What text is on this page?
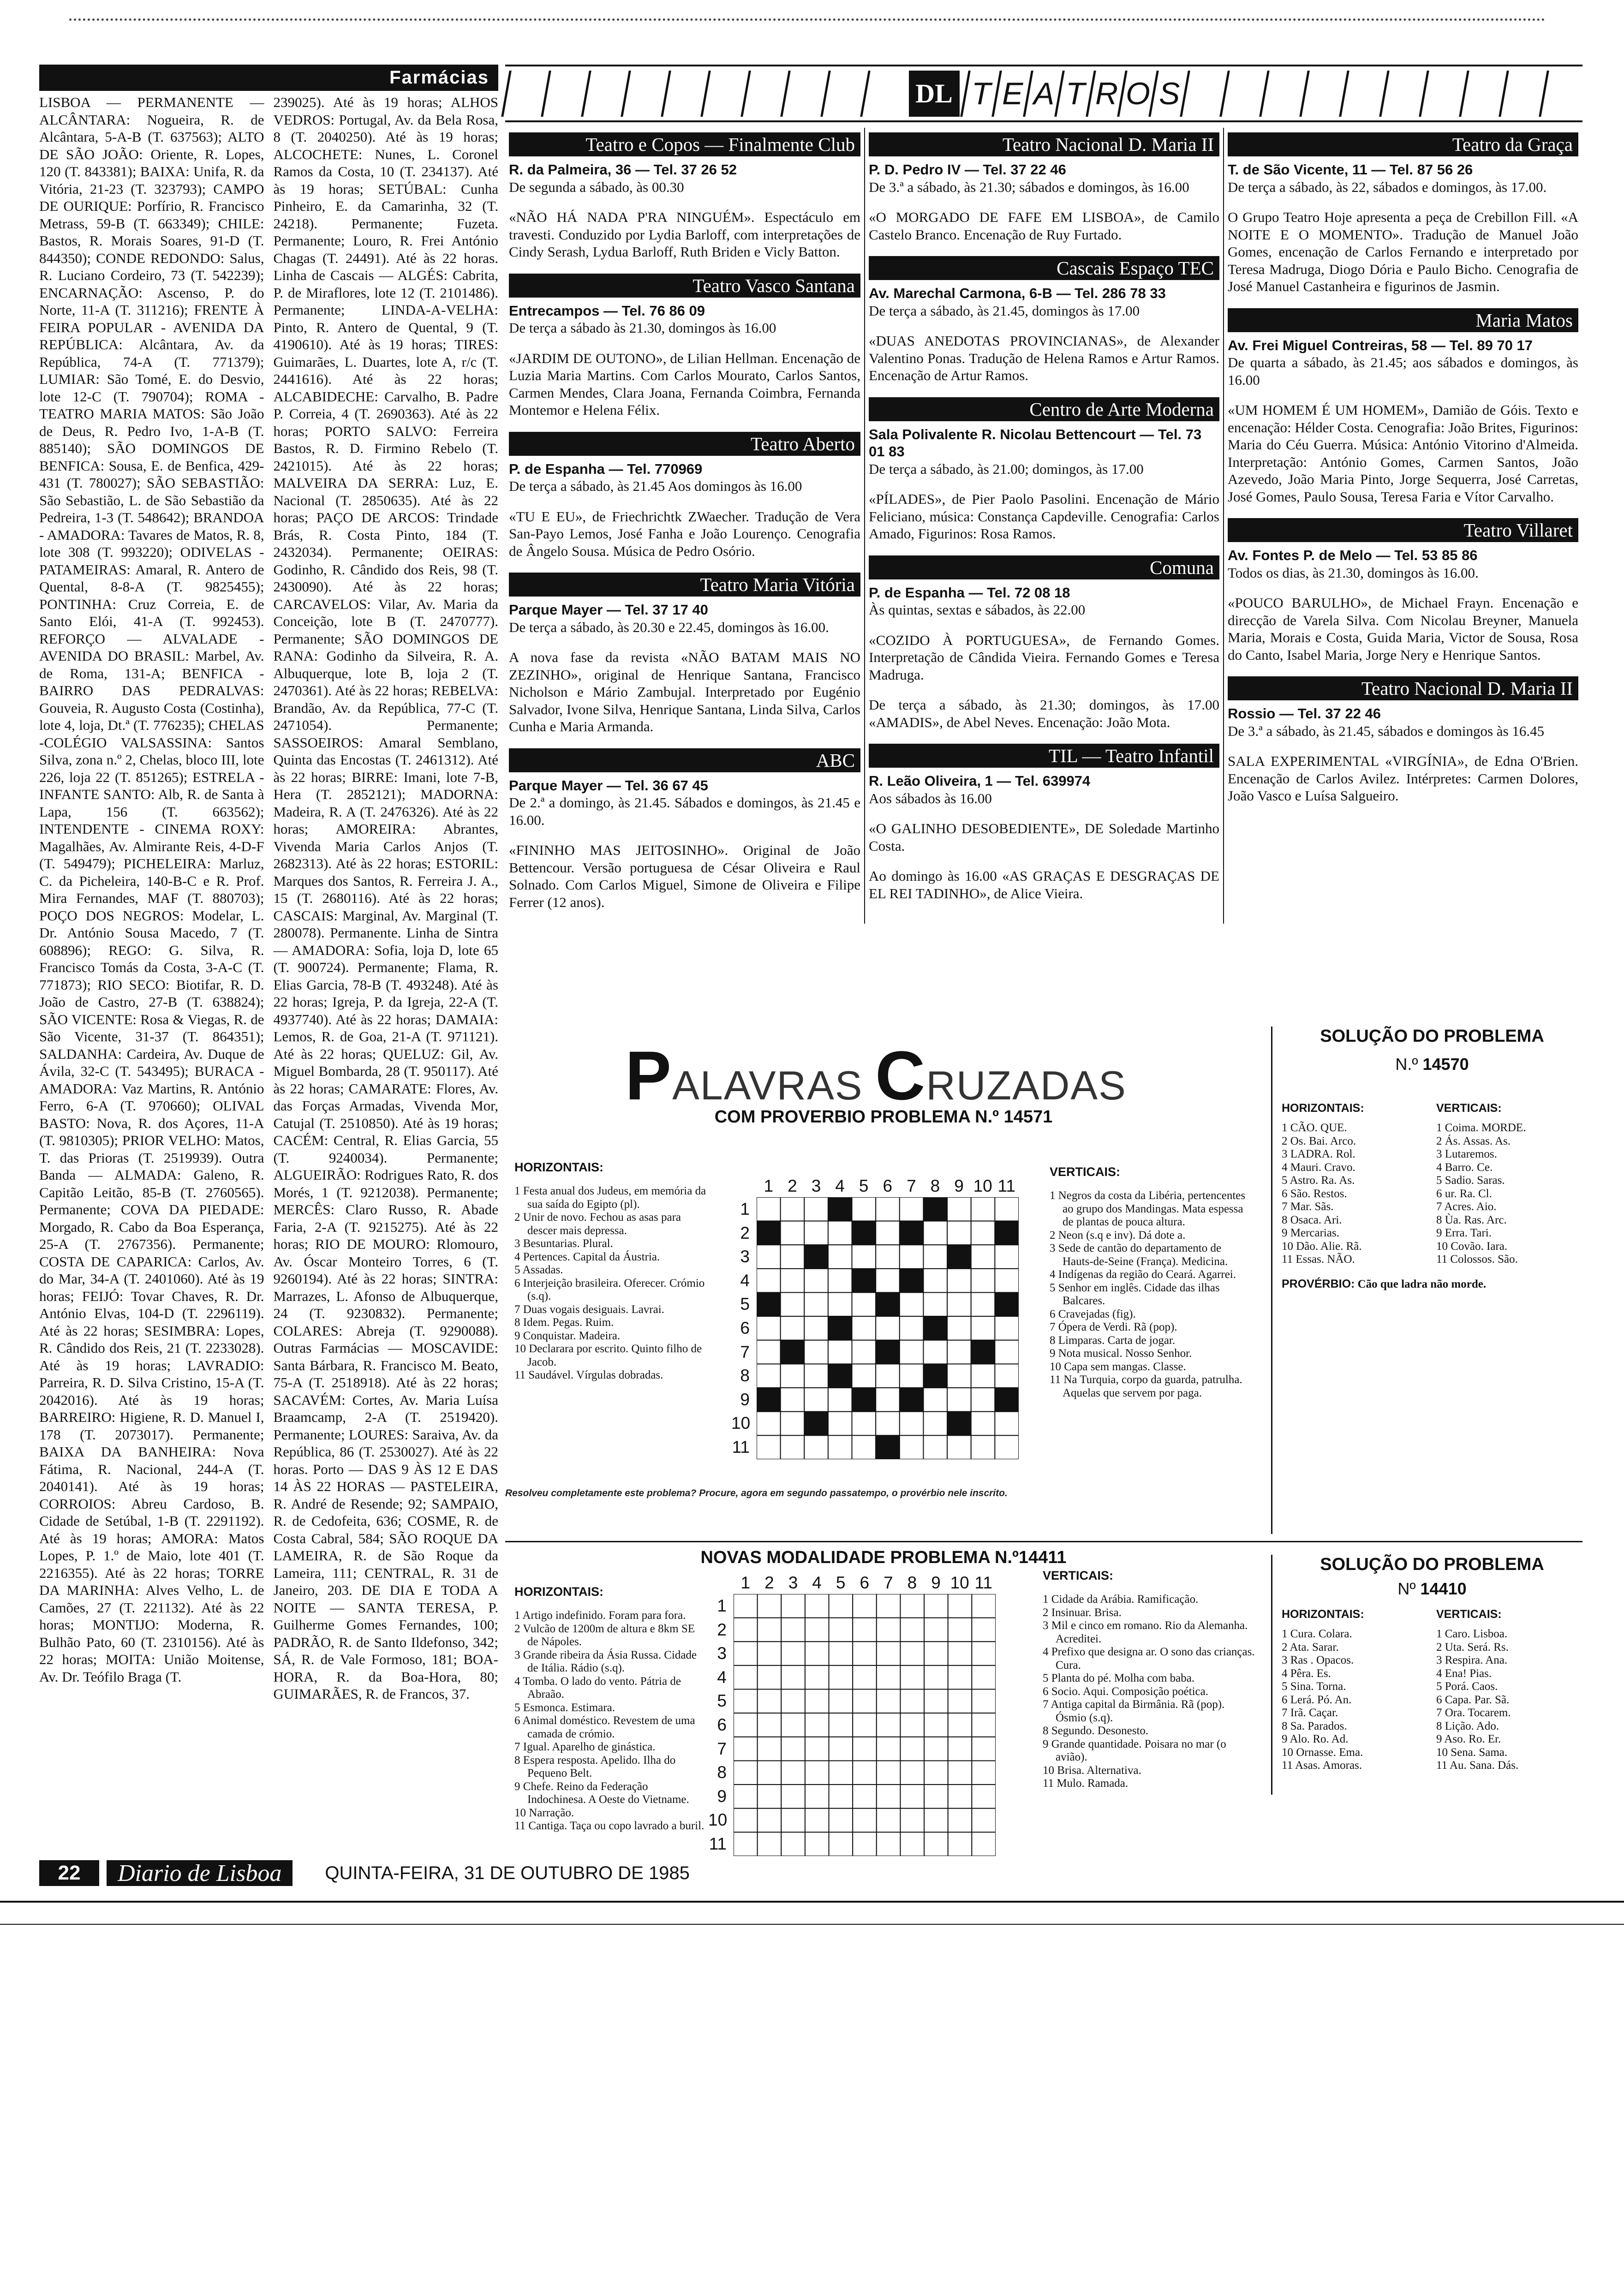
Farmácias
LISBOA — PERMANENTE — ALCÂNTARA: Nogueira, R. de Alcântara, 5-A-B (T. 637563); ALTO DE SÃO JOÃO: Oriente, R. Lopes, 120 (T. 843381); BAIXA: Unifa, R. da Vitória, 21-23 (T. 323793); CAMPO DE OURIQUE: Porfírio, R. Francisco Metrass, 59-B (T. 663349); CHILE: Bastos, R. Morais Soares, 91-D (T. 844350); CONDE REDONDO: Salus, R. Luciano Cordeiro, 73 (T. 542239); ENCARNAÇÃO: Ascenso, P. do Norte, 11-A (T. 311216); FRENTE À FEIRA POPULAR - AVENIDA DA REPÚBLICA: Alcântara, Av. da República, 74-A (T. 771379); LUMIAR: São Tomé, E. do Desvio, lote 12-C (T. 790704); ROMA - TEATRO MARIA MATOS: São João de Deus, R. Pedro Ivo, 1-A-B (T. 885140); SÃO DOMINGOS DE BENFICA: Sousa, E. de Benfica, 429-431 (T. 780027); SÃO SEBASTIÃO: São Sebastião, L. de São Sebastião da Pedreira, 1-3 (T. 548642); BRANDOA - AMADORA: Tavares de Matos, R. 8, lote 308 (T. 993220); ODIVELAS - PATAMEIRAS: Amaral, R. Antero de Quental, 8-8-A (T. 9825455); PONTINHA: Cruz Correia, E. de Santo Elói, 41-A (T. 992453). REFORÇO — ALVALADE -AVENIDA DO BRASIL: Marbel, Av. de Roma, 131-A; BENFICA - BAIRRO DAS PEDRALVAS: Gouveia, R. Augusto Costa (Costinha), lote 4, loja, Dt.ª (T. 776235); CHELAS -COLÉGIO VALSASSINA: Santos Silva, zona n.º 2, Chelas, bloco III, lote 226, loja 22 (T. 851265); ESTRELA - INFANTE SANTO: Alb, R. de Santa à Lapa, 156 (T. 663562); INTENDENTE - CINEMA ROXY: Magalhães, Av. Almirante Reis, 4-D-F (T. 549479); PICHELEIRA: Marluz, C. da Picheleira, 140-B-C e R. Prof. Mira Fernandes, MAF (T. 880703); POÇO DOS NEGROS: Modelar, L. Dr. António Sousa Macedo, 7 (T. 608896); REGO: G. Silva, R. Francisco Tomás da Costa, 3-A-C (T. 771873); RIO SECO: Biotifar, R. D. João de Castro, 27-B (T. 638824); SÃO VICENTE: Rosa & Viegas, R. de São Vicente, 31-37 (T. 864351); SALDANHA: Cardeira, Av. Duque de Ávila, 32-C (T. 543495); BURACA - AMADORA: Vaz Martins, R. António Ferro, 6-A (T. 970660); OLIVAL BASTO: Nova, R. dos Açores, 11-A (T. 9810305); PRIOR VELHO: Matos, T. das Prioras (T. 2519939). Outra Banda — ALMADA: Galeno, R. Capitão Leitão, 85-B (T. 2760565). Permanente; COVA DA PIEDADE: Morgado, R. Cabo da Boa Esperança, 25-A (T. 2767356). Permanente; COSTA DE CAPARICA: Carlos, Av. do Mar, 34-A (T. 2401060). Até às 19 horas; FEIJÓ: Tovar Chaves, R. Dr. António Elvas, 104-D (T. 2296119). Até às 22 horas; SESIMBRA: Lopes, R. Cândido dos Reis, 21 (T. 2233028). Até às 19 horas; LAVRADIO: Parreira, R. D. Silva Cristino, 15-A (T. 2042016). Até às 19 horas; BARREIRO: Higiene, R. D. Manuel I, 178 (T. 2073017). Permanente; BAIXA DA BANHEIRA: Nova Fátima, R. Nacional, 244-A (T. 2040141). Até às 19 horas; CORROIOS: Abreu Cardoso, B. Cidade de Setúbal, 1-B (T. 2291192). Até às 19 horas; AMORA: Matos Lopes, P. 1.º de Maio, lote 401 (T. 2216355). Até às 22 horas; TORRE DA MARINHA: Alves Velho, L. de Camões, 27 (T. 221132). Até às 22 horas; MONTIJO: Moderna, R. Bulhão Pato, 60 (T. 2310156). Até às 22 horas; MOITA: União Moitense, Av. Dr. Teófilo Braga (T.
239025). Até às 19 horas; ALHOS VEDROS: Portugal, Av. da Bela Rosa, 8 (T. 2040250). Até às 19 horas; ALCOCHETE: Nunes, L. Coronel Ramos da Costa, 10 (T. 234137). Até às 19 horas; SETÚBAL: Cunha Pinheiro, E. da Camarinha, 32 (T. 24218). Permanente; Fuzeta. Permanente; Louro, R. Frei António Chagas (T. 24491). Até às 22 horas. Linha de Cascais — ALGÉS: Cabrita, P. de Miraflores, lote 12 (T. 2101486). Permanente; LINDA-A-VELHA: Pinto, R. Antero de Quental, 9 (T. 4190610). Até às 19 horas; TIRES: Guimarães, L. Duartes, lote A, r/c (T. 2441616). Até às 22 horas; ALCABIDECHE: Carvalho, B. Padre P. Correia, 4 (T. 2690363). Até às 22 horas; PORTO SALVO: Ferreira Bastos, R. D. Firmino Rebelo (T. 2421015). Até às 22 horas; MALVEIRA DA SERRA: Luz, E. Nacional (T. 2850635). Até às 22 horas; PAÇO DE ARCOS: Trindade Brás, R. Costa Pinto, 184 (T. 2432034). Permanente; OEIRAS: Godinho, R. Cândido dos Reis, 98 (T. 2430090). Até às 22 horas; CARCAVELOS: Vilar, Av. Maria da Conceição, lote B (T. 2470777). Permanente; SÃO DOMINGOS DE RANA: Godinho da Silveira, R. A. Albuquerque, lote B, loja 2 (T. 2470361). Até às 22 horas; REBELVA: Brandão, Av. da República, 77-C (T. 2471054). Permanente; SASSOEIROS: Amaral Semblano, Quinta das Encostas (T. 2461312). Até às 22 horas; BIRRE: Imani, lote 7-B, Hera (T. 2852121); MADORNA: Madeira, R. A (T. 2476326). Até às 22 horas; AMOREIRA: Abrantes, Vivenda Maria Carlos Anjos (T. 2682313). Até às 22 horas; ESTORIL: Marques dos Santos, R. Ferreira J. A., 15 (T. 2680116). Até às 22 horas; CASCAIS: Marginal, Av. Marginal (T. 280078). Permanente. Linha de Sintra — AMADORA: Sofia, loja D, lote 65 (T. 900724). Permanente; Flama, R. Elias Garcia, 78-B (T. 493248). Até às 22 horas; Igreja, P. da Igreja, 22-A (T. 4937740). Até às 22 horas; DAMAIA: Lemos, R. de Goa, 21-A (T. 971121). Até às 22 horas; QUELUZ: Gil, Av. Miguel Bombarda, 28 (T. 950117). Até às 22 horas; CAMARATE: Flores, Av. das Forças Armadas, Vivenda Mor, Catujal (T. 2510850). Até às 19 horas; CACÉM: Central, R. Elias Garcia, 55 (T. 9240034). Permanente; ALGUEIRÃO: Rodrigues Rato, R. dos Morés, 1 (T. 9212038). Permanente; MERCÊS: Claro Russo, R. Abade Faria, 2-A (T. 9215275). Até às 22 horas; RIO DE MOURO: Rlomouro, Av. Óscar Monteiro Torres, 6 (T. 9260194). Até às 22 horas; SINTRA: Marrazes, L. Afonso de Albuquerque, 24 (T. 9230832). Permanente; COLARES: Abreja (T. 9290088). Outras Farmácias — MOSCAVIDE: Santa Bárbara, R. Francisco M. Beato, 75-A (T. 2518918). Até às 22 horas; SACAVÉM: Cortes, Av. Maria Luísa Braamcamp, 2-A (T. 2519420). Permanente; LOURES: Saraiva, Av. da República, 86 (T. 2530027). Até às 22 horas. Porto — DAS 9 ÀS 12 E DAS 14 ÀS 22 HORAS — PASTELEIRA, R. André de Resende; 92; SAMPAIO, R. de Cedofeita, 636; COSME, R. de Costa Cabral, 584; SÃO ROQUE DA LAMEIRA, R. de São Roque da Lameira, 111; CENTRAL, R. 31 de Janeiro, 203. DE DIA E TODA A NOITE — SANTA TERESA, P. Guilherme Gomes Fernandes, 100; PADRÃO, R. de Santo Ildefonso, 342; SÁ, R. de Vale Formoso, 181; BOA-HORA, R. da Boa-Hora, 80; GUIMARÃES, R. de Francos, 37.
DL T E A T R O S
Teatro e Copos — Finalmente Club
R. da Palmeira, 36 — Tel. 37 26 52

De segunda a sábado, às 00.30

«NÃO HÁ NADA P'RA NINGUÉM». Espectáculo em travesti. Conduzido por Lydia Barloff, com interpretações de Cindy Serash, Lydua Barloff, Ruth Briden e Vicly Batton.

Teatro Vasco Santana
Entrecampos — Tel. 76 86 09

De terça a sábado às 21.30, domingos às 16.00

«JARDIM DE OUTONO», de Lilian Hellman. Encenação de Luzia Maria Martins. Com Carlos Mourato, Carlos Santos, Carmen Mendes, Clara Joana, Fernanda Coimbra, Fernanda Montemor e Helena Félix.

Teatro Aberto
P. de Espanha — Tel. 770969

De terça a sábado, às 21.45 Aos domingos às 16.00

«TU E EU», de Friechrichtk ZWaecher. Tradução de Vera San-Payo Lemos, José Fanha e João Lourenço. Cenografia de Ângelo Sousa. Música de Pedro Osório.

Teatro Maria Vitória
Parque Mayer — Tel. 37 17 40

De terça a sábado, às 20.30 e 22.45, domingos às 16.00.

A nova fase da revista «NÃO BATAM MAIS NO ZEZINHO», original de Henrique Santana, Francisco Nicholson e Mário Zambujal. Interpretado por Eugénio Salvador, Ivone Silva, Henrique Santana, Linda Silva, Carlos Cunha e Maria Armanda.

ABC
Parque Mayer — Tel. 36 67 45

De 2.ª a domingo, às 21.45. Sábados e domingos, às 21.45 e 16.00.

«FININHO MAS JEITOSINHO». Original de João Bettencour. Versão portuguesa de César Oliveira e Raul Solnado. Com Carlos Miguel, Simone de Oliveira e Filipe Ferrer (12 anos).

Teatro Nacional D. Maria II
P. D. Pedro IV — Tel. 37 22 46

De 3.ª a sábado, às 21.30; sábados e domingos, às 16.00

«O MORGADO DE FAFE EM LISBOA», de Camilo Castelo Branco. Encenação de Ruy Furtado.

Cascais Espaço TEC
Av. Marechal Carmona, 6-B — Tel. 286 78 33

De terça a sábado, às 21.45, domingos às 17.00

«DUAS ANEDOTAS PROVINCIANAS», de Alexander Valentino Ponas. Tradução de Helena Ramos e Artur Ramos. Encenação de Artur Ramos.

Centro de Arte Moderna
Sala Polivalente R. Nicolau Bettencourt — Tel. 73 01 83

De terça a sábado, às 21.00; domingos, às 17.00

«PÍLADES», de Pier Paolo Pasolini. Encenação de Mário Feliciano, música: Constança Capdeville. Cenografia: Carlos Amado, Figurinos: Rosa Ramos.

Comuna
P. de Espanha — Tel. 72 08 18

Às quintas, sextas e sábados, às 22.00

«COZIDO À PORTUGUESA», de Fernando Gomes. Interpretação de Cândida Vieira. Fernando Gomes e Teresa Madruga.

De terça a sábado, às 21.30; domingos, às 17.00 «AMADIS», de Abel Neves. Encenação: João Mota.

TIL — Teatro Infantil
R. Leão Oliveira, 1 — Tel. 639974

Aos sábados às 16.00

«O GALINHO DESOBEDIENTE», DE Soledade Martinho Costa.

Ao domingo às 16.00 «AS GRAÇAS E DESGRAÇAS DE EL REI TADINHO», de Alice Vieira.

Teatro da Graça
T. de São Vicente, 11 — Tel. 87 56 26

De terça a sábado, às 22, sábados e domingos, às 17.00.

O Grupo Teatro Hoje apresenta a peça de Crebillon Fill. «A NOITE E O MOMENTO». Tradução de Manuel João Gomes, encenação de Carlos Fernando e interpretado por Teresa Madruga, Diogo Dória e Paulo Bicho. Cenografia de José Manuel Castanheira e figurinos de Jasmin.

Maria Matos
Av. Frei Miguel Contreiras, 58 — Tel. 89 70 17

De quarta a sábado, às 21.45; aos sábados e domingos, às 16.00

«UM HOMEM É UM HOMEM», Damião de Góis. Texto e encenação: Hélder Costa. Cenografia: João Brites, Figurinos: Maria do Céu Guerra. Música: António Vitorino d'Almeida. Interpretação: António Gomes, Carmen Santos, João Azevedo, João Maria Pinto, Jorge Sequerra, José Carretas, José Gomes, Paulo Sousa, Teresa Faria e Vítor Carvalho.

Teatro Villaret
Av. Fontes P. de Melo — Tel. 53 85 86

Todos os dias, às 21.30, domingos às 16.00.

«POUCO BARULHO», de Michael Frayn. Encenação e direcção de Varela Silva. Com Nicolau Breyner, Manuela Maria, Morais e Costa, Guida Maria, Victor de Sousa, Rosa do Canto, Isabel Maria, Jorge Nery e Henrique Santos.

Teatro Nacional D. Maria II
Rossio — Tel. 37 22 46

De 3.ª a sábado, às 21.45, sábados e domingos às 16.45

SALA EXPERIMENTAL «VIRGÍNIA», de Edna O'Brien. Encenação de Carlos Avilez. Intérpretes: Carmen Dolores, João Vasco e Luísa Salgueiro.

PALAVRAS CRUZADAS
COM PROVERBIO PROBLEMA N.º 14571
HORIZONTAIS:
1 Festa anual dos Judeus, em memória da sua saída do Egipto (pl).
2 Unir de novo. Fechou as asas para descer mais depressa.
3 Besuntarias. Plural.
4 Pertences. Capital da Áustria.
5 Assadas.
6 Interjeição brasileira. Oferecer. Crómio (s.q).
7 Duas vogais desiguais. Lavrai.
8 Idem. Pegas. Ruim.
9 Conquistar. Madeira.
10 Declarara por escrito. Quinto filho de Jacob.
11 Saudável. Vírgulas dobradas.
1 2 3 4 5 6 7 8 9 10 11
1
2
3
4
5
6
7
8
9
10
11
VERTICAIS:
1 Negros da costa da Libéria, pertencentes ao grupo dos Mandingas. Mata espessa de plantas de pouca altura.
2 Neon (s.q e inv). Dá dote a.
3 Sede de cantão do departamento de Hauts-de-Seine (França). Medicina.
4 Indígenas da região do Ceará. Agarrei.
5 Senhor em inglês. Cidade das ilhas Balcares.
6 Cravejadas (fig).
7 Ópera de Verdi. Rã (pop).
8 Limparas. Carta de jogar.
9 Nota musical. Nosso Senhor.
10 Capa sem mangas. Classe.
11 Na Turquia, corpo da guarda, patrulha. Aquelas que servem por paga.
Resolveu completamente este problema? Procure, agora em segundo passatempo, o provérbio nele inscrito.
SOLUÇÃO DO PROBLEMA
N.º 14570
HORIZONTAIS:
1 CÃO. QUE.
2 Os. Bai. Arco.
3 LADRA. Rol.
4 Mauri. Cravo.
5 Astro. Ra. As.
6 São. Restos.
7 Mar. Sãs.
8 Osaca. Ari.
9 Mercarias.
10 Dão. Alie. Rã.
11 Essas. NÃO.
VERTICAIS:
1 Coima. MORDE.
2 Ás. Assas. As.
3 Lutaremos.
4 Barro. Ce.
5 Sadio. Saras.
6 ur. Ra. Cl.
7 Acres. Aio.
8 Ùa. Ras. Arc.
9 Erra. Tari.
10 Covão. Iara.
11 Colossos. São.
PROVÉRBIO: Cão que ladra não morde.
NOVAS MODALIDADE PROBLEMA N.º14411
HORIZONTAIS:
1 Artigo indefinido. Foram para fora.
2 Vulcão de 1200m de altura e 8km SE de Nápoles.
3 Grande ribeira da Ásia Russa. Cidade de Itália. Rádio (s.q).
4 Tomba. O lado do vento. Pátria de Abraão.
5 Esmonca. Estimara.
6 Animal doméstico. Revestem de uma camada de crómio.
7 Igual. Aparelho de ginástica.
8 Espera resposta. Apelido. Ilha do Pequeno Belt.
9 Chefe. Reino da Federação Indochinesa. A Oeste do Vietname.
10 Narração.
11 Cantiga. Taça ou copo lavrado a buril.
1 2 3 4 5 6 7 8 9 10 11
1
2
3
4
5
6
7
8
9
10
11
VERTICAIS:
1 Cidade da Arábia. Ramificação.
2 Insinuar. Brisa.
3 Mil e cinco em romano. Rio da Alemanha. Acreditei.
4 Prefixo que designa ar. O sono das crianças. Cura.
5 Planta do pé. Molha com baba.
6 Socio. Aqui. Composição poética.
7 Antiga capital da Birmânia. Rã (pop). Ósmio (s.q).
8 Segundo. Desonesto.
9 Grande quantidade. Poisara no mar (o avião).
10 Brisa. Alternativa.
11 Mulo. Ramada.
SOLUÇÃO DO PROBLEMA
Nº 14410
HORIZONTAIS:
1 Cura. Colara.
2 Ata. Sarar.
3 Ras . Opacos.
4 Pêra. Es.
5 Sina. Torna.
6 Lerá. Pó. An.
7 Irã. Caçar.
8 Sa. Parados.
9 Alo. Ro. Ad.
10 Ornasse. Ema.
11 Asas. Amoras.
VERTICAIS:
1 Caro. Lisboa.
2 Uta. Será. Rs.
3 Respira. Ana.
4 Ena! Pias.
5 Porá. Caos.
6 Capa. Par. Sã.
7 Ora. Tocarem.
8 Lição. Ado.
9 Aso. Ro. Er.
10 Sena. Sama.
11 Au. Sana. Dás.
22	Diario de Lisboa	QUINTA-FEIRA, 31 DE OUTUBRO DE 1985
